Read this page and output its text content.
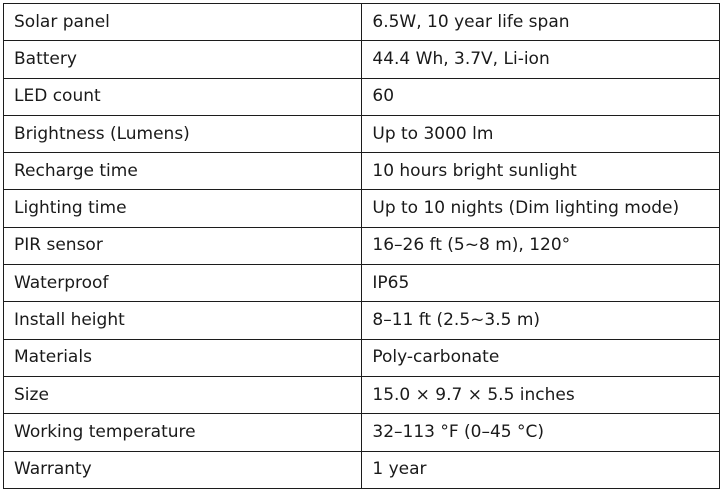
Solar panel	6.5W, 10 year life span
Battery	44.4 Wh, 3.7V, Li-ion
LED count	60
Brightness (Lumens)	Up to 3000 lm
Recharge time	10 hours bright sunlight
Lighting time	Up to 10 nights (Dim lighting mode)
PIR sensor	16–26 ft (5~8 m), 120°
Waterproof	IP65
Install height	8–11 ft (2.5~3.5 m)
Materials	Poly-carbonate
Size	15.0 × 9.7 × 5.5 inches
Working temperature	32–113 °F (0–45 °C)
Warranty	1 year
